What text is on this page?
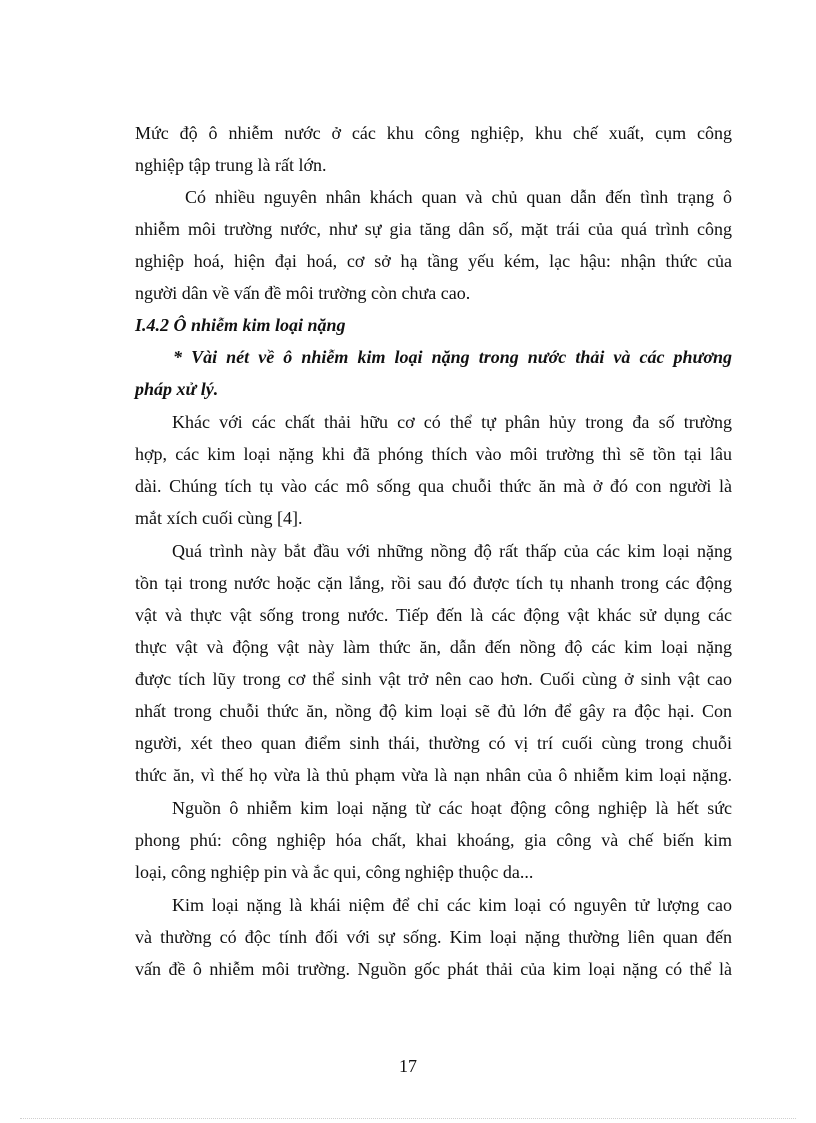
Mức độ ô nhiễm nước ở các khu công nghiệp, khu chế xuất, cụm công
nghiệp tập trung là rất lớn.
Có nhiều nguyên nhân khách quan và chủ quan dẫn đến tình trạng ô
nhiễm môi trường nước, như sự gia tăng dân số, mặt trái của quá trình công
nghiệp hoá, hiện đại hoá, cơ sở hạ tầng yếu kém, lạc hậu: nhận thức của
người dân về vấn đề môi trường còn chưa cao.
I.4.2 Ô nhiễm kim loại nặng
* Vài nét về ô nhiễm kim loại nặng trong nước thải và các phương
pháp xử lý.
Khác với các chất thải hữu cơ có thể tự phân hủy trong đa số trường
hợp, các kim loại nặng khi đã phóng thích vào môi trường thì sẽ tồn tại lâu
dài. Chúng tích tụ vào các mô sống qua chuỗi thức ăn mà ở đó con người là
mắt xích cuối cùng [4].
Quá trình này bắt đầu với những nồng độ rất thấp của các kim loại nặng
tồn tại trong nước hoặc cặn lắng, rồi sau đó được tích tụ nhanh trong các động
vật và thực vật sống trong nước. Tiếp đến là các động vật khác sử dụng các
thực vật và động vật này làm thức ăn, dẫn đến nồng độ các kim loại nặng
được tích lũy trong cơ thể sinh vật trở nên cao hơn. Cuối cùng ở sinh vật cao
nhất trong chuỗi thức ăn, nồng độ kim loại sẽ đủ lớn để gây ra độc hại. Con
người, xét theo quan điểm sinh thái, thường có vị trí cuối cùng trong chuỗi
thức ăn, vì thế họ vừa là thủ phạm vừa là nạn nhân của ô nhiễm kim loại nặng.
Nguồn ô nhiễm kim loại nặng từ các hoạt động công nghiệp là hết sức
phong phú: công nghiệp hóa chất, khai khoáng, gia công và chế biến kim
loại, công nghiệp pin và ắc qui, công nghiệp thuộc da...
Kim loại nặng là khái niệm để chỉ các kim loại có nguyên tử lượng cao
và thường có độc tính đối với sự sống. Kim loại nặng thường liên quan đến
vấn đề ô nhiễm môi trường. Nguồn gốc phát thải của kim loại nặng có thể là
17
